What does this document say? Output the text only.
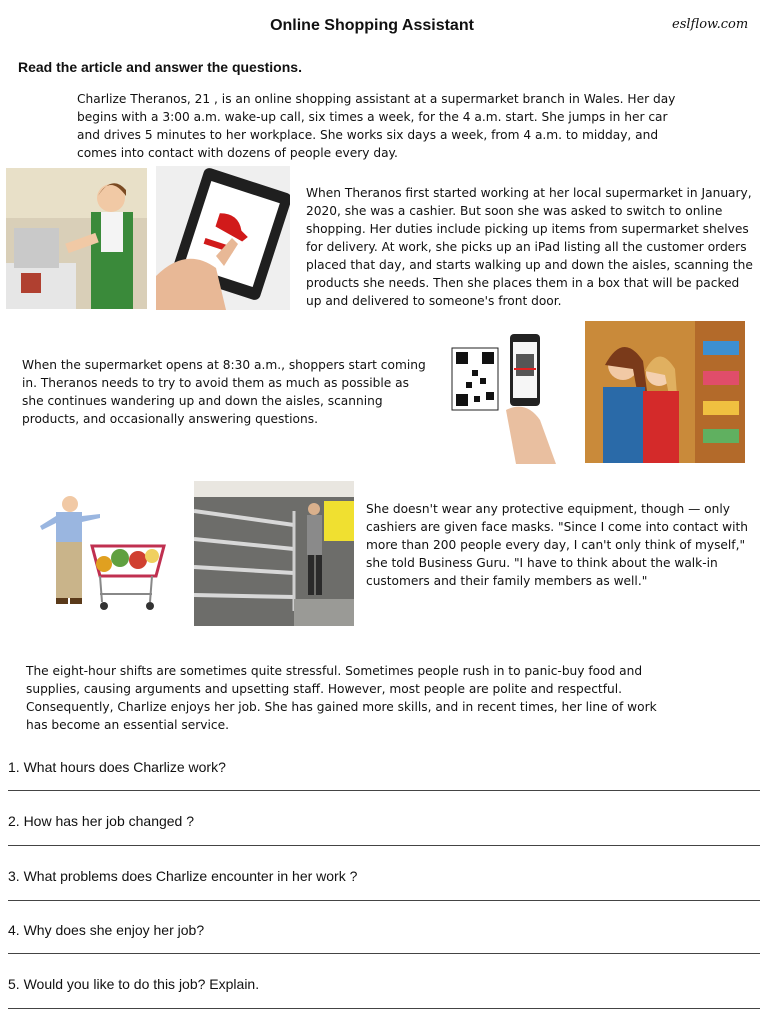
Online Shopping Assistant	eslflow.com
Read the article and answer the questions.
Charlize Theranos, 21 , is an online shopping assistant at a supermarket branch in Wales. Her day begins with a 3:00 a.m. wake-up call, six times a week, for the 4 a.m. start. She jumps in her car and drives 5 minutes to her workplace. She works six days a week, from 4 a.m. to midday, and comes into contact with dozens of people every day.
When Theranos first started working at her local supermarket in January, 2020, she was a cashier. But soon she was asked to switch to online shopping. Her duties include picking up items from supermarket shelves for delivery. At work, she picks up an iPad listing all the customer orders placed that day, and starts walking up and down the aisles, scanning the products she needs. Then she places them in a box that will be packed up and delivered to someone's front door.
When the supermarket opens at 8:30 a.m., shoppers start coming in. Theranos needs to try to avoid them as much as possible as she continues wandering up and down the aisles, scanning products, and occasionally answering questions.
She doesn't wear any protective equipment, though — only cashiers are given face masks. "Since I come into contact with more than 200 people every day, I can't only think of myself," she told Business Guru. "I have to think about the walk-in customers and their family members as well."
The eight-hour shifts are sometimes quite stressful. Sometimes people rush in to panic-buy food and supplies, causing arguments and upsetting staff. However, most people are polite and respectful. Consequently, Charlize enjoys her job. She has gained more skills, and in recent times, her line of work has become an essential service.
1. What hours does Charlize work?
2. How has her job changed ?
3. What problems does Charlize encounter in her work ?
4. Why does she enjoy her job?
5. Would you like to do this job? Explain.
